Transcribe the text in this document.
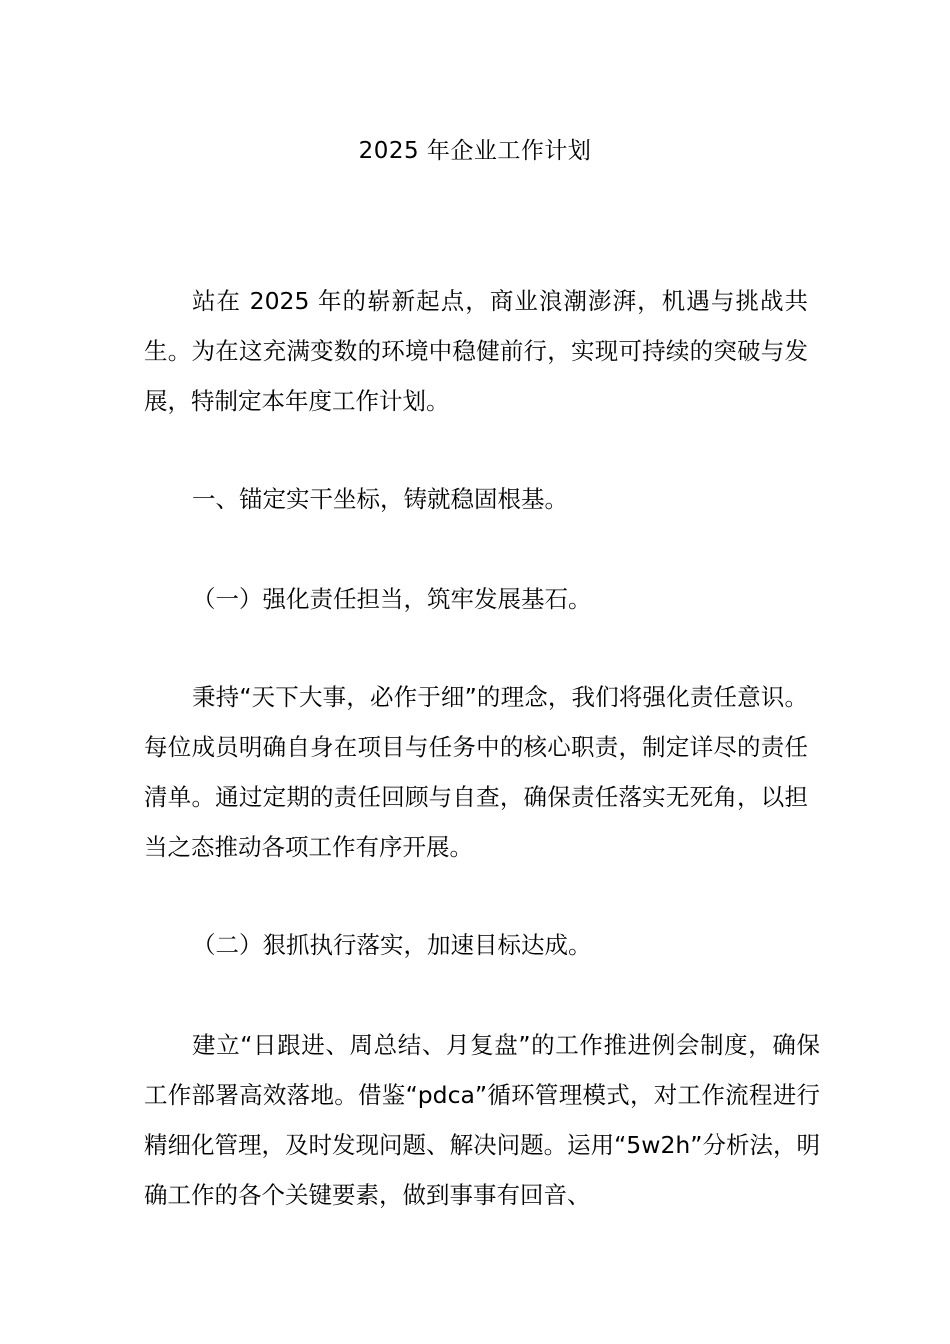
2025 年企业工作计划

站在 2025 年的崭新起点，商业浪潮澎湃，机遇与挑战共生。为在这充满变数的环境中稳健前行，实现可持续的突破与发展，特制定本年度工作计划。

一、锚定实干坐标，铸就稳固根基。

（一）强化责任担当，筑牢发展基石。

秉持“天下大事，必作于细”的理念，我们将强化责任意识。每位成员明确自身在项目与任务中的核心职责，制定详尽的责任清单。通过定期的责任回顾与自查，确保责任落实无死角，以担当之态推动各项工作有序开展。

（二）狠抓执行落实，加速目标达成。

建立“日跟进、周总结、月复盘”的工作推进例会制度，确保工作部署高效落地。借鉴“pdca”循环管理模式，对工作流程进行精细化管理，及时发现问题、解决问题。运用“5w2h”分析法，明确工作的各个关键要素，做到事事有回音、
